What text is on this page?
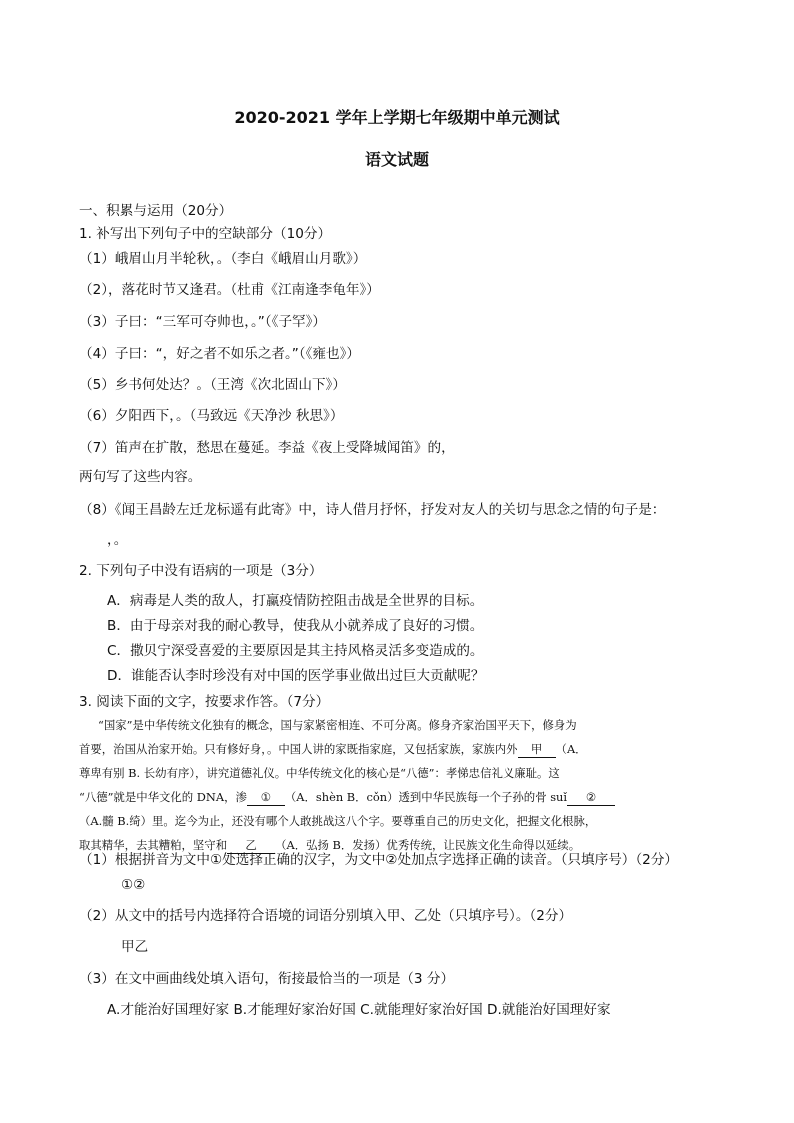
2020-2021 学年上学期七年级期中单元测试
语文试题
一、积累与运用（20分）
1. 补写出下列句子中的空缺部分（10分）
（1）峨眉山月半轮秋，。（李白《峨眉山月歌》）
（2），落花时节又逢君。（杜甫《江南逢李龟年》）
（3）子曰：“三军可夺帅也，。”（《子罕》）
（4）子曰：“，好之者不如乐之者。”（《雍也》）
（5）乡书何处达？。（王湾《次北固山下》）
（6）夕阳西下，。（马致远《天净沙 秋思》）
（7）笛声在扩散，愁思在蔓延。李益《夜上受降城闻笛》的，
两句写了这些内容。
（8）《闻王昌龄左迁龙标遥有此寄》中，诗人借月抒怀，抒发对友人的关切与思念之情的句子是：
，。
2. 下列句子中没有语病的一项是（3分）
A．病毒是人类的敌人，打赢疫情防控阻击战是全世界的目标。
B．由于母亲对我的耐心教导，使我从小就养成了良好的习惯。
C．撒贝宁深受喜爱的主要原因是其主持风格灵活多变造成的。
D．谁能否认李时珍没有对中国的医学事业做出过巨大贡献呢？
3. 阅读下面的文字，按要求作答。（7分）
“国家”是中华传统文化独有的概念，国与家紧密相连、不可分离。修身齐家治国平天下，修身为
首要，治国从治家开始。只有修好身，。中国人讲的家既指家庭，又包括家族，家族内外 甲 （A．
尊卑有别 B. 长幼有序），讲究道德礼仪。中华传统文化的核心是“八德”：孝悌忠信礼义廉耻。这
“八德”就是中华文化的 DNA，渗 ① （A．shèn B．cǒn）透到中华民族每一个子孙的骨 suǐ ②
（A.髓 B.绮）里。迄今为止，还没有哪个人敢挑战这八个字。要尊重自己的历史文化，把握文化根脉，
取其精华，去其糟粕，坚守和 乙 （A．弘扬 B．发扬）优秀传统，让民族文化生命得以延续。
（1）根据拼音为文中①处选择正确的汉字，为文中②处加点字选择正确的读音。（只填序号）（2分）
①②
（2）从文中的括号内选择符合语境的词语分别填入甲、乙处（只填序号）。（2分）
甲乙
（3）在文中画曲线处填入语句，衔接最恰当的一项是（3 分）
A.才能治好国理好家 B.才能理好家治好国 C.就能理好家治好国 D.就能治好国理好家
